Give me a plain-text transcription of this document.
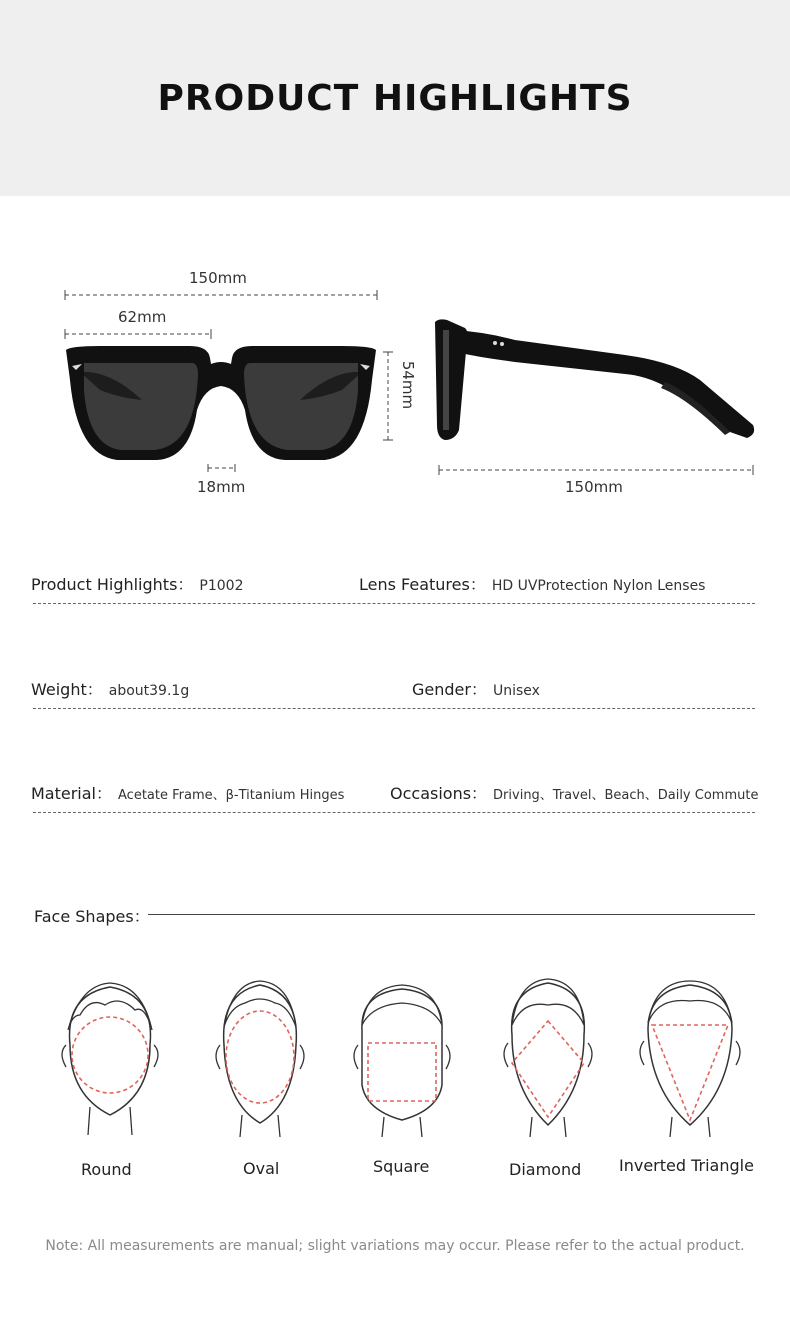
PRODUCT HIGHLIGHTS
150mm
62mm
18mm
54mm
150mm
Product Highlights： P1002	Lens Features： HD UVProtection Nylon Lenses
Weight： about39.1g	Gender： Unisex
Material： Acetate Frame、β-Titanium Hinges	Occasions： Driving、Travel、Beach、Daily Commute
Face Shapes：
Round	Oval	Square	Diamond Inverted Triangle
Note: All measurements are manual; slight variations may occur. Please refer to the actual product.
